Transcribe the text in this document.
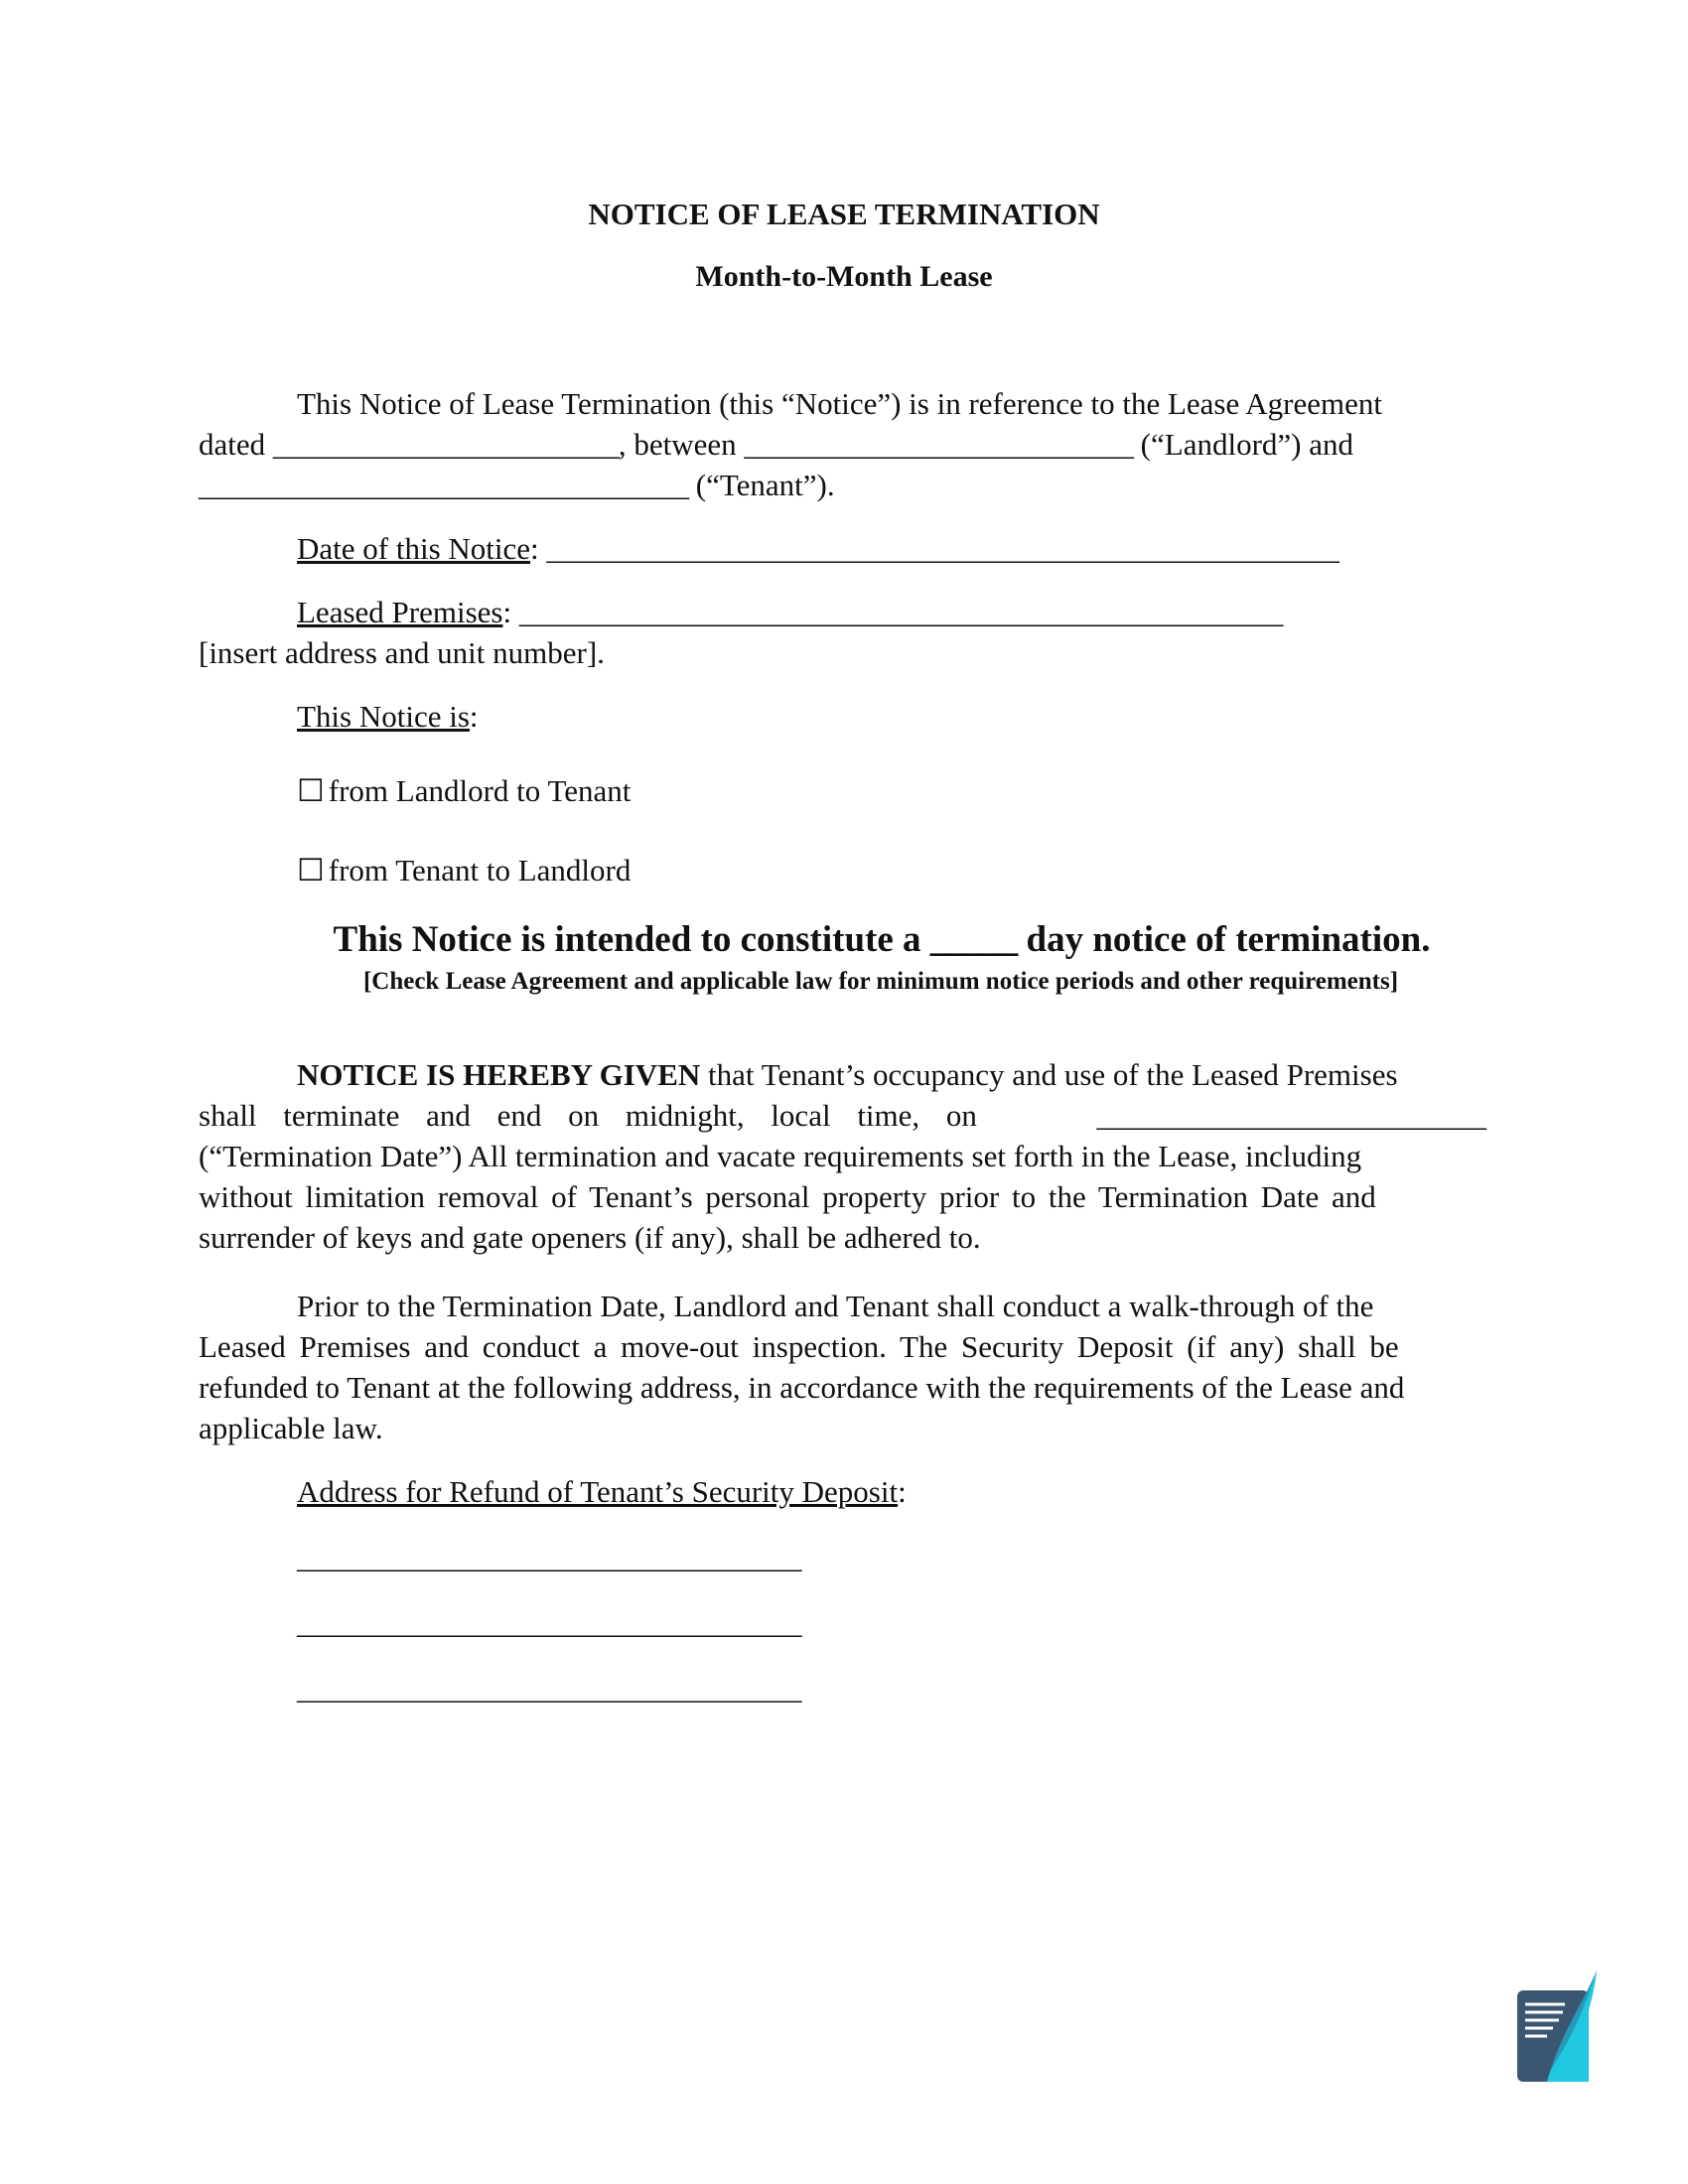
NOTICE OF LEASE TERMINATION
Month-to-Month Lease
This Notice of Lease Termination (this “Notice”) is in reference to the Lease Agreement
dated ________________________, between ___________________________ (“Landlord”) and
__________________________________ (“Tenant”).
Date of this Notice: _______________________________________________________
Leased Premises: _____________________________________________________
[insert address and unit number].
This Notice is:
☐ from Landlord to Tenant
☐ from Tenant to Landlord
This Notice is intended to constitute a _____ day notice of termination.
[Check Lease Agreement and applicable law for minimum notice periods and other requirements]
NOTICE IS HEREBY GIVEN that Tenant’s occupancy and use of the Leased Premises
shall terminate and end on midnight, local time, on	___________________________
(“Termination Date”) All termination and vacate requirements set forth in the Lease, including
without limitation removal of Tenant’s personal property prior to the Termination Date and
surrender of keys and gate openers (if any), shall be adhered to.
Prior to the Termination Date, Landlord and Tenant shall conduct a walk-through of the
Leased Premises and conduct a move-out inspection. The Security Deposit (if any) shall be
refunded to Tenant at the following address, in accordance with the requirements of the Lease and
applicable law.
Address for Refund of Tenant’s Security Deposit:
___________________________________
___________________________________
___________________________________
